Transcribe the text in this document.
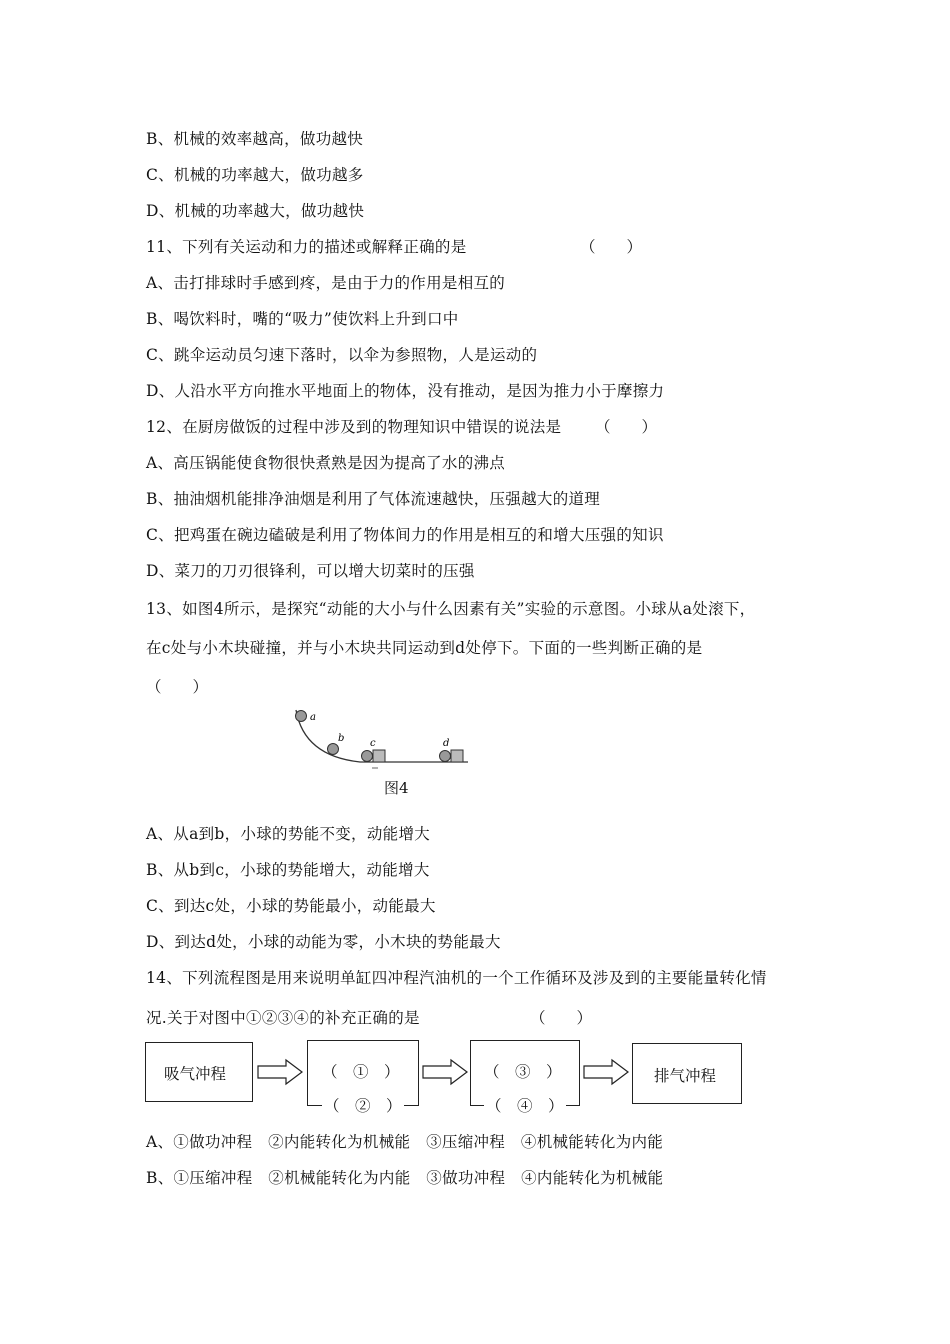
B、机械的效率越高，做功越快
C、机械的功率越大，做功越多
D、机械的功率越大，做功越快
11、下列有关运动和力的描述或解释正确的是	（　　）
A、击打排球时手感到疼，是由于力的作用是相互的
B、喝饮料时，嘴的“吸力”使饮料上升到口中
C、跳伞运动员匀速下落时，以伞为参照物，人是运动的
D、人沿水平方向推水平地面上的物体，没有推动，是因为推力小于摩擦力
12、在厨房做饭的过程中涉及到的物理知识中错误的说法是 （　　）
A、高压锅能使食物很快煮熟是因为提高了水的沸点
B、抽油烟机能排净油烟是利用了气体流速越快，压强越大的道理
C、把鸡蛋在碗边磕破是利用了物体间力的作用是相互的和增大压强的知识
D、菜刀的刀刃很锋利，可以增大切菜时的压强
13、如图4所示，是探究“动能的大小与什么因素有关”实验的示意图。小球从a处滚下，
在c处与小木块碰撞，并与小木块共同运动到d处停下。下面的一些判断正确的是
（　　）
a
b	c	d
图4
A、从a到b，小球的势能不变，动能增大
B、从b到c，小球的势能增大，动能增大
C、到达c处，小球的势能最小，动能最大
D、到达d处，小球的动能为零，小木块的势能最大
14、下列流程图是用来说明单缸四冲程汽油机的一个工作循环及涉及到的主要能量转化情
况.关于对图中①②③④的补充正确的是	（　　）
吸气冲程	（　①　）
（　②　）
（　③　）
（　④　）
排气冲程
A、①做功冲程　②内能转化为机械能　③压缩冲程　④机械能转化为内能
B、①压缩冲程　②机械能转化为内能　③做功冲程　④内能转化为机械能
